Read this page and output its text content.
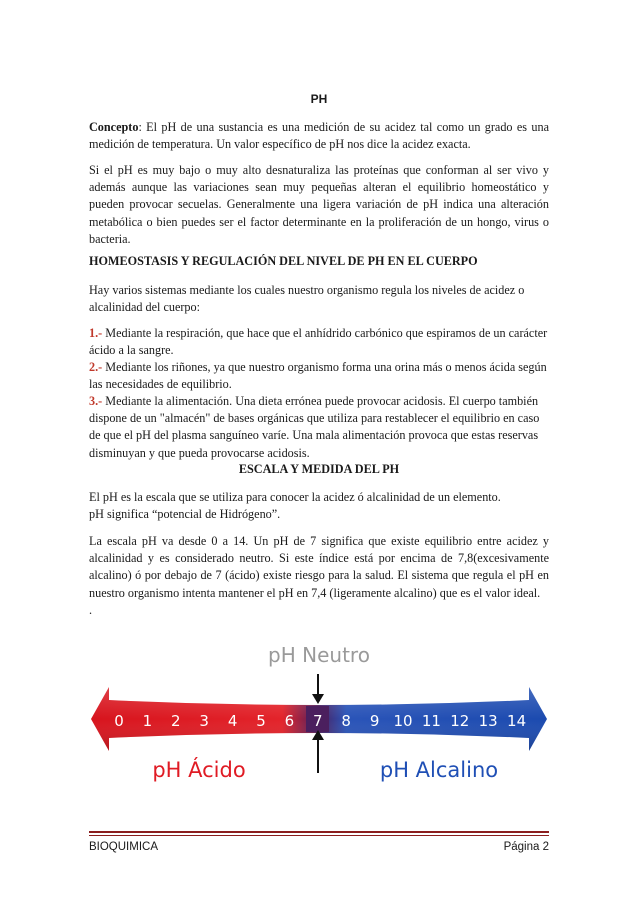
PH

Concepto: El pH de una sustancia es una medición de su acidez tal como un grado es una medición de temperatura. Un valor específico de pH nos dice la acidez exacta.

Si el pH es muy bajo o muy alto desnaturaliza las proteínas que conforman al ser vivo y además aunque las variaciones sean muy pequeñas alteran el equilibrio homeostático y pueden provocar secuelas. Generalmente una ligera variación de pH indica una alteración metabólica o bien puedes ser el factor determinante en la proliferación de un hongo, virus o bacteria.

HOMEOSTASIS Y REGULACIÓN DEL NIVEL DE PH EN EL CUERPO

Hay varios sistemas mediante los cuales nuestro organismo regula los niveles de acidez o alcalinidad del cuerpo:

1.- Mediante la respiración, que hace que el anhídrido carbónico que espiramos de un carácter ácido a la sangre.

2.- Mediante los riñones, ya que nuestro organismo forma una orina más o menos ácida según las necesidades de equilibrio.

3.- Mediante la alimentación. Una dieta errónea puede provocar acidosis. El cuerpo también dispone de un "almacén" de bases orgánicas que utiliza para restablecer el equilibrio en caso de que el pH del plasma sanguíneo varíe. Una mala alimentación provoca que estas reservas disminuyan y que pueda provocarse acidosis.

ESCALA Y MEDIDA DEL PH

El pH es la escala que se utiliza para conocer la acidez ó alcalinidad de un elemento.

pH significa “potencial de Hidrógeno”.

La escala pH va desde 0 a 14. Un pH de 7 significa que existe equilibrio entre acidez y alcalinidad y es considerado neutro. Si este índice está por encima de 7,8(excesivamente alcalino) ó por debajo de 7 (ácido) existe riesgo para la salud. El sistema que regula el pH en nuestro organismo intenta mantener el pH en 7,4 (ligeramente alcalino) que es el valor ideal.

.

pH Neutro
0 1 2 3 4 5 6 7 8 9 10 11 12 13 14
pH Ácido	pH Alcalino
BIOQUIMICA	Página 2
